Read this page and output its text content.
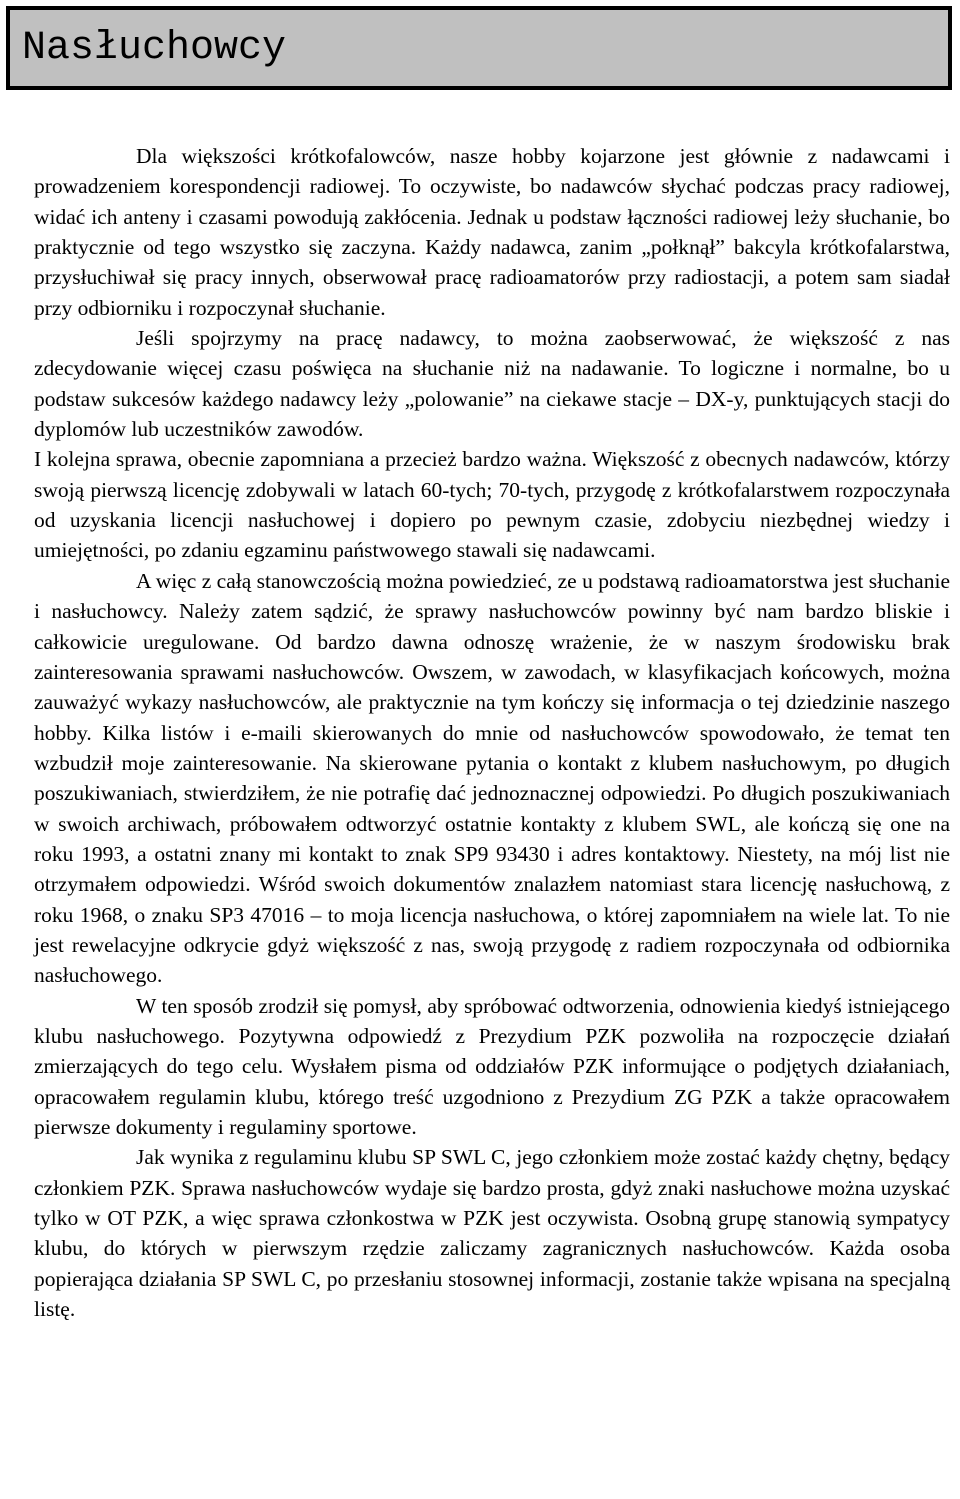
Nasłuchowcy

Dla większości krótkofalowców, nasze hobby kojarzone jest głównie z nadawcami i prowadzeniem korespondencji radiowej. To oczywiste, bo nadawców słychać podczas pracy radiowej, widać ich anteny i czasami powodują zakłócenia. Jednak u podstaw łączności radiowej leży słuchanie, bo praktycznie od tego wszystko się zaczyna. Każdy nadawca, zanim „połknął” bakcyla krótkofalarstwa, przysłuchiwał się pracy innych, obserwował pracę radioamatorów przy radiostacji, a potem sam siadał przy odbiorniku i rozpoczynał słuchanie.

Jeśli spojrzymy na pracę nadawcy, to można zaobserwować, że większość z nas zdecydowanie więcej czasu poświęca na słuchanie niż na nadawanie. To logiczne i normalne, bo u podstaw sukcesów każdego nadawcy leży „polowanie” na ciekawe stacje – DX-y, punktujących stacji do dyplomów lub uczestników zawodów.

I kolejna sprawa, obecnie zapomniana a przecież bardzo ważna. Większość z obecnych nadawców, którzy swoją pierwszą licencję zdobywali w latach 60-tych; 70-tych, przygodę z krótkofalarstwem rozpoczynała od uzyskania licencji nasłuchowej i dopiero po pewnym czasie, zdobyciu niezbędnej wiedzy i umiejętności, po zdaniu egzaminu państwowego stawali się nadawcami.

A więc z całą stanowczością można powiedzieć, ze u podstawą radioamatorstwa jest słuchanie i nasłuchowcy. Należy zatem sądzić, że sprawy nasłuchowców powinny być nam bardzo bliskie i całkowicie uregulowane. Od bardzo dawna odnoszę wrażenie, że w naszym środowisku brak zainteresowania sprawami nasłuchowców. Owszem, w zawodach, w klasyfikacjach końcowych, można zauważyć wykazy nasłuchowców, ale praktycznie na tym kończy się informacja o tej dziedzinie naszego hobby. Kilka listów i e-maili skierowanych do mnie od nasłuchowców spowodowało, że temat ten wzbudził moje zainteresowanie. Na skierowane pytania o kontakt z klubem nasłuchowym, po długich poszukiwaniach, stwierdziłem, że nie potrafię dać jednoznacznej odpowiedzi. Po długich poszukiwaniach w swoich archiwach, próbowałem odtworzyć ostatnie kontakty z klubem SWL, ale kończą się one na roku 1993, a ostatni znany mi kontakt to znak SP9 93430 i adres kontaktowy. Niestety, na mój list nie otrzymałem odpowiedzi. Wśród swoich dokumentów znalazłem natomiast stara licencję nasłuchową, z roku 1968, o znaku SP3 47016 – to moja licencja nasłuchowa, o której zapomniałem na wiele lat. To nie jest rewelacyjne odkrycie gdyż większość z nas, swoją przygodę z radiem rozpoczynała od odbiornika nasłuchowego.

W ten sposób zrodził się pomysł, aby spróbować odtworzenia, odnowienia kiedyś istniejącego klubu nasłuchowego. Pozytywna odpowiedź z Prezydium PZK pozwoliła na rozpoczęcie działań zmierzających do tego celu. Wysłałem pisma od oddziałów PZK informujące o podjętych działaniach, opracowałem regulamin klubu, którego treść uzgodniono z Prezydium ZG PZK a także opracowałem pierwsze dokumenty i regulaminy sportowe.

Jak wynika z regulaminu klubu SP SWL C, jego członkiem może zostać każdy chętny, będący członkiem PZK. Sprawa nasłuchowców wydaje się bardzo prosta, gdyż znaki nasłuchowe można uzyskać tylko w OT PZK, a więc sprawa członkostwa w PZK jest oczywista. Osobną grupę stanowią sympatycy klubu, do których w pierwszym rzędzie zaliczamy zagranicznych nasłuchowców. Każda osoba popierająca działania SP SWL C, po przesłaniu stosownej informacji, zostanie także wpisana na specjalną listę.
